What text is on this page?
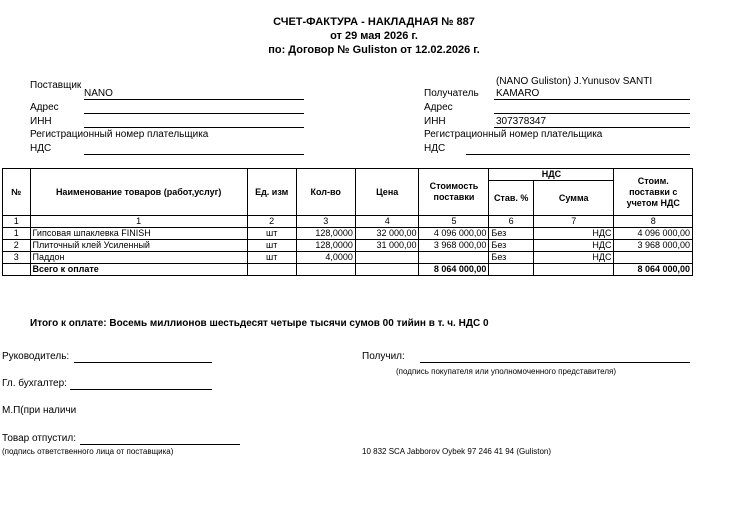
СЧЕТ-ФАКТУРА - НАКЛАДНАЯ № 887
от 29 мая 2026 г.
по: Договор № Guliston от 12.02.2026 г.
Поставщик
NANO
Адрес
ИНН
Регистрационный номер плательщика
НДС
(NANO Guliston) J.Yunusov SANTI
Получатель KAMARO
Адрес
ИНН	307378347
Регистрационный номер плательщика
НДС
№	Наименование товаров (работ,услуг)	Ед. изм	Кол-во	Цена	Стоимость поставки	НДС		Стоим. поставки с учетом НДС
						Став. %	Сумма	
1	1	2	3	4	5	6	7	8
1	Гипсовая шпаклевка FINISH	шт	128,0000	32 000,00	4 096 000,00	Без	НДС	4 096 000,00
2	Плиточный клей Усиленный	шт	128,0000	31 000,00	3 968 000,00	Без	НДС	3 968 000,00
3	Паддон	шт	4,0000			Без	НДС	
	Всего к оплате				8 064 000,00			8 064 000,00
Итого к оплате: Восемь миллионов шестьдесят четыре тысячи сумов 00 тийин в т. ч. НДС 0
Руководитель:	Получил:
(подпись покупателя или уполномоченного представителя)
Гл. бухгалтер:
М.П(при наличи
Товар отпустил:
(подпись ответственного лица от поставщика)	10 832 SCA Jabborov Oybek 97 246 41 94 (Guliston)
